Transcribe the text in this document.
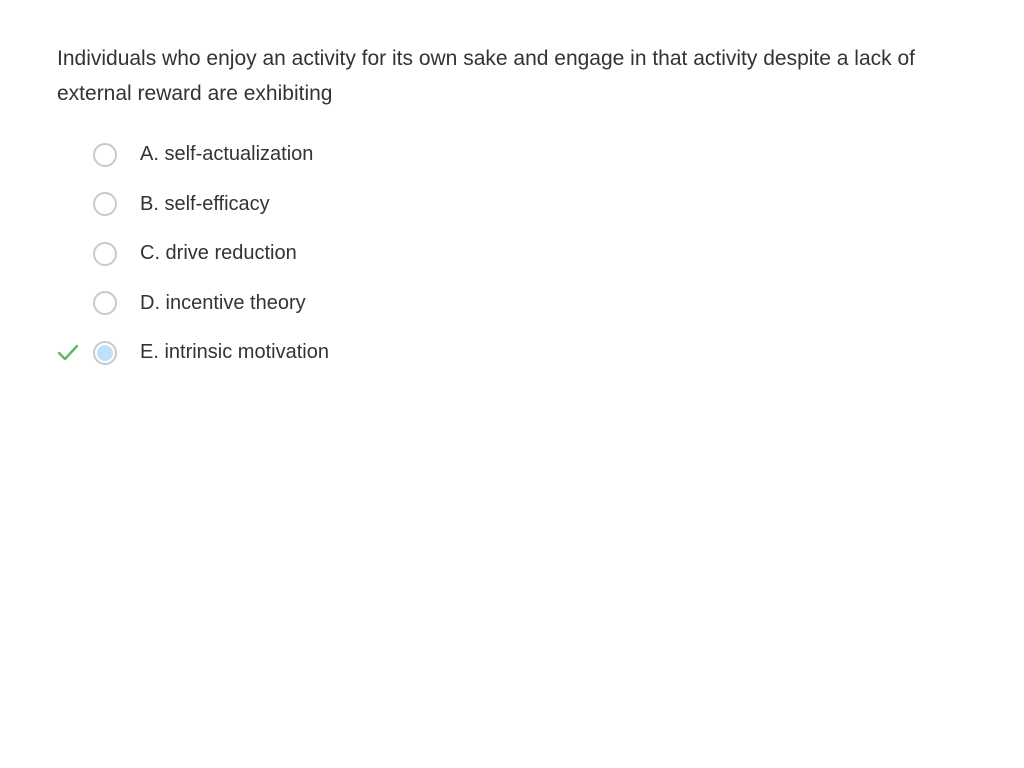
Individuals who enjoy an activity for its own sake and engage in that activity despite a lack of external reward are exhibiting
A. self-actualization
B. self-efficacy
C. drive reduction
D. incentive theory
E. intrinsic motivation
